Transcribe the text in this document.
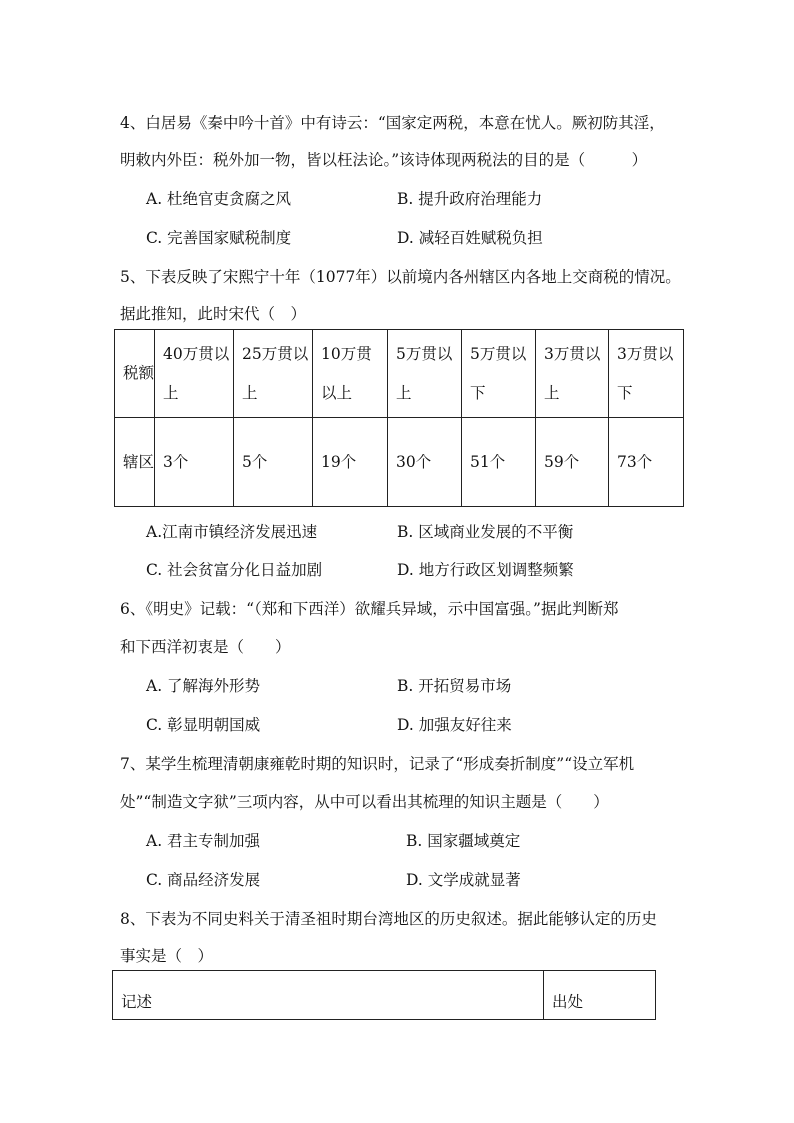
4、白居易《秦中吟十首》中有诗云：“国家定两税，本意在忧人。厥初防其淫，
明敕内外臣：税外加一物，皆以枉法论。”该诗体现两税法的目的是（　　　）
A. 杜绝官吏贪腐之风	B. 提升政府治理能力
C. 完善国家赋税制度	D. 减轻百姓赋税负担
5、下表反映了宋熙宁十年（1077年）以前境内各州辖区内各地上交商税的情况。
据此推知，此时宋代（　）
税额	40万贯以上	25万贯以上	10万贯以上	5万贯以上	5万贯以下	3万贯以上	3万贯以下
辖区	3个	5个	19个	30个	51个	59个	73个
A.江南市镇经济发展迅速	B. 区域商业发展的不平衡
C. 社会贫富分化日益加剧	D. 地方行政区划调整频繁
6、《明史》记载：“（郑和下西洋）欲耀兵异域，示中国富强。”据此判断郑
和下西洋初衷是（　　）
A. 了解海外形势	B. 开拓贸易市场
C. 彰显明朝国威	D. 加强友好往来
7、某学生梳理清朝康雍乾时期的知识时，记录了“形成奏折制度”“设立军机
处”“制造文字狱”三项内容，从中可以看出其梳理的知识主题是（　　）
A. 君主专制加强	B. 国家疆域奠定
C. 商品经济发展	D. 文学成就显著
8、下表为不同史料关于清圣祖时期台湾地区的历史叙述。据此能够认定的历史
事实是（　）
记述	出处
